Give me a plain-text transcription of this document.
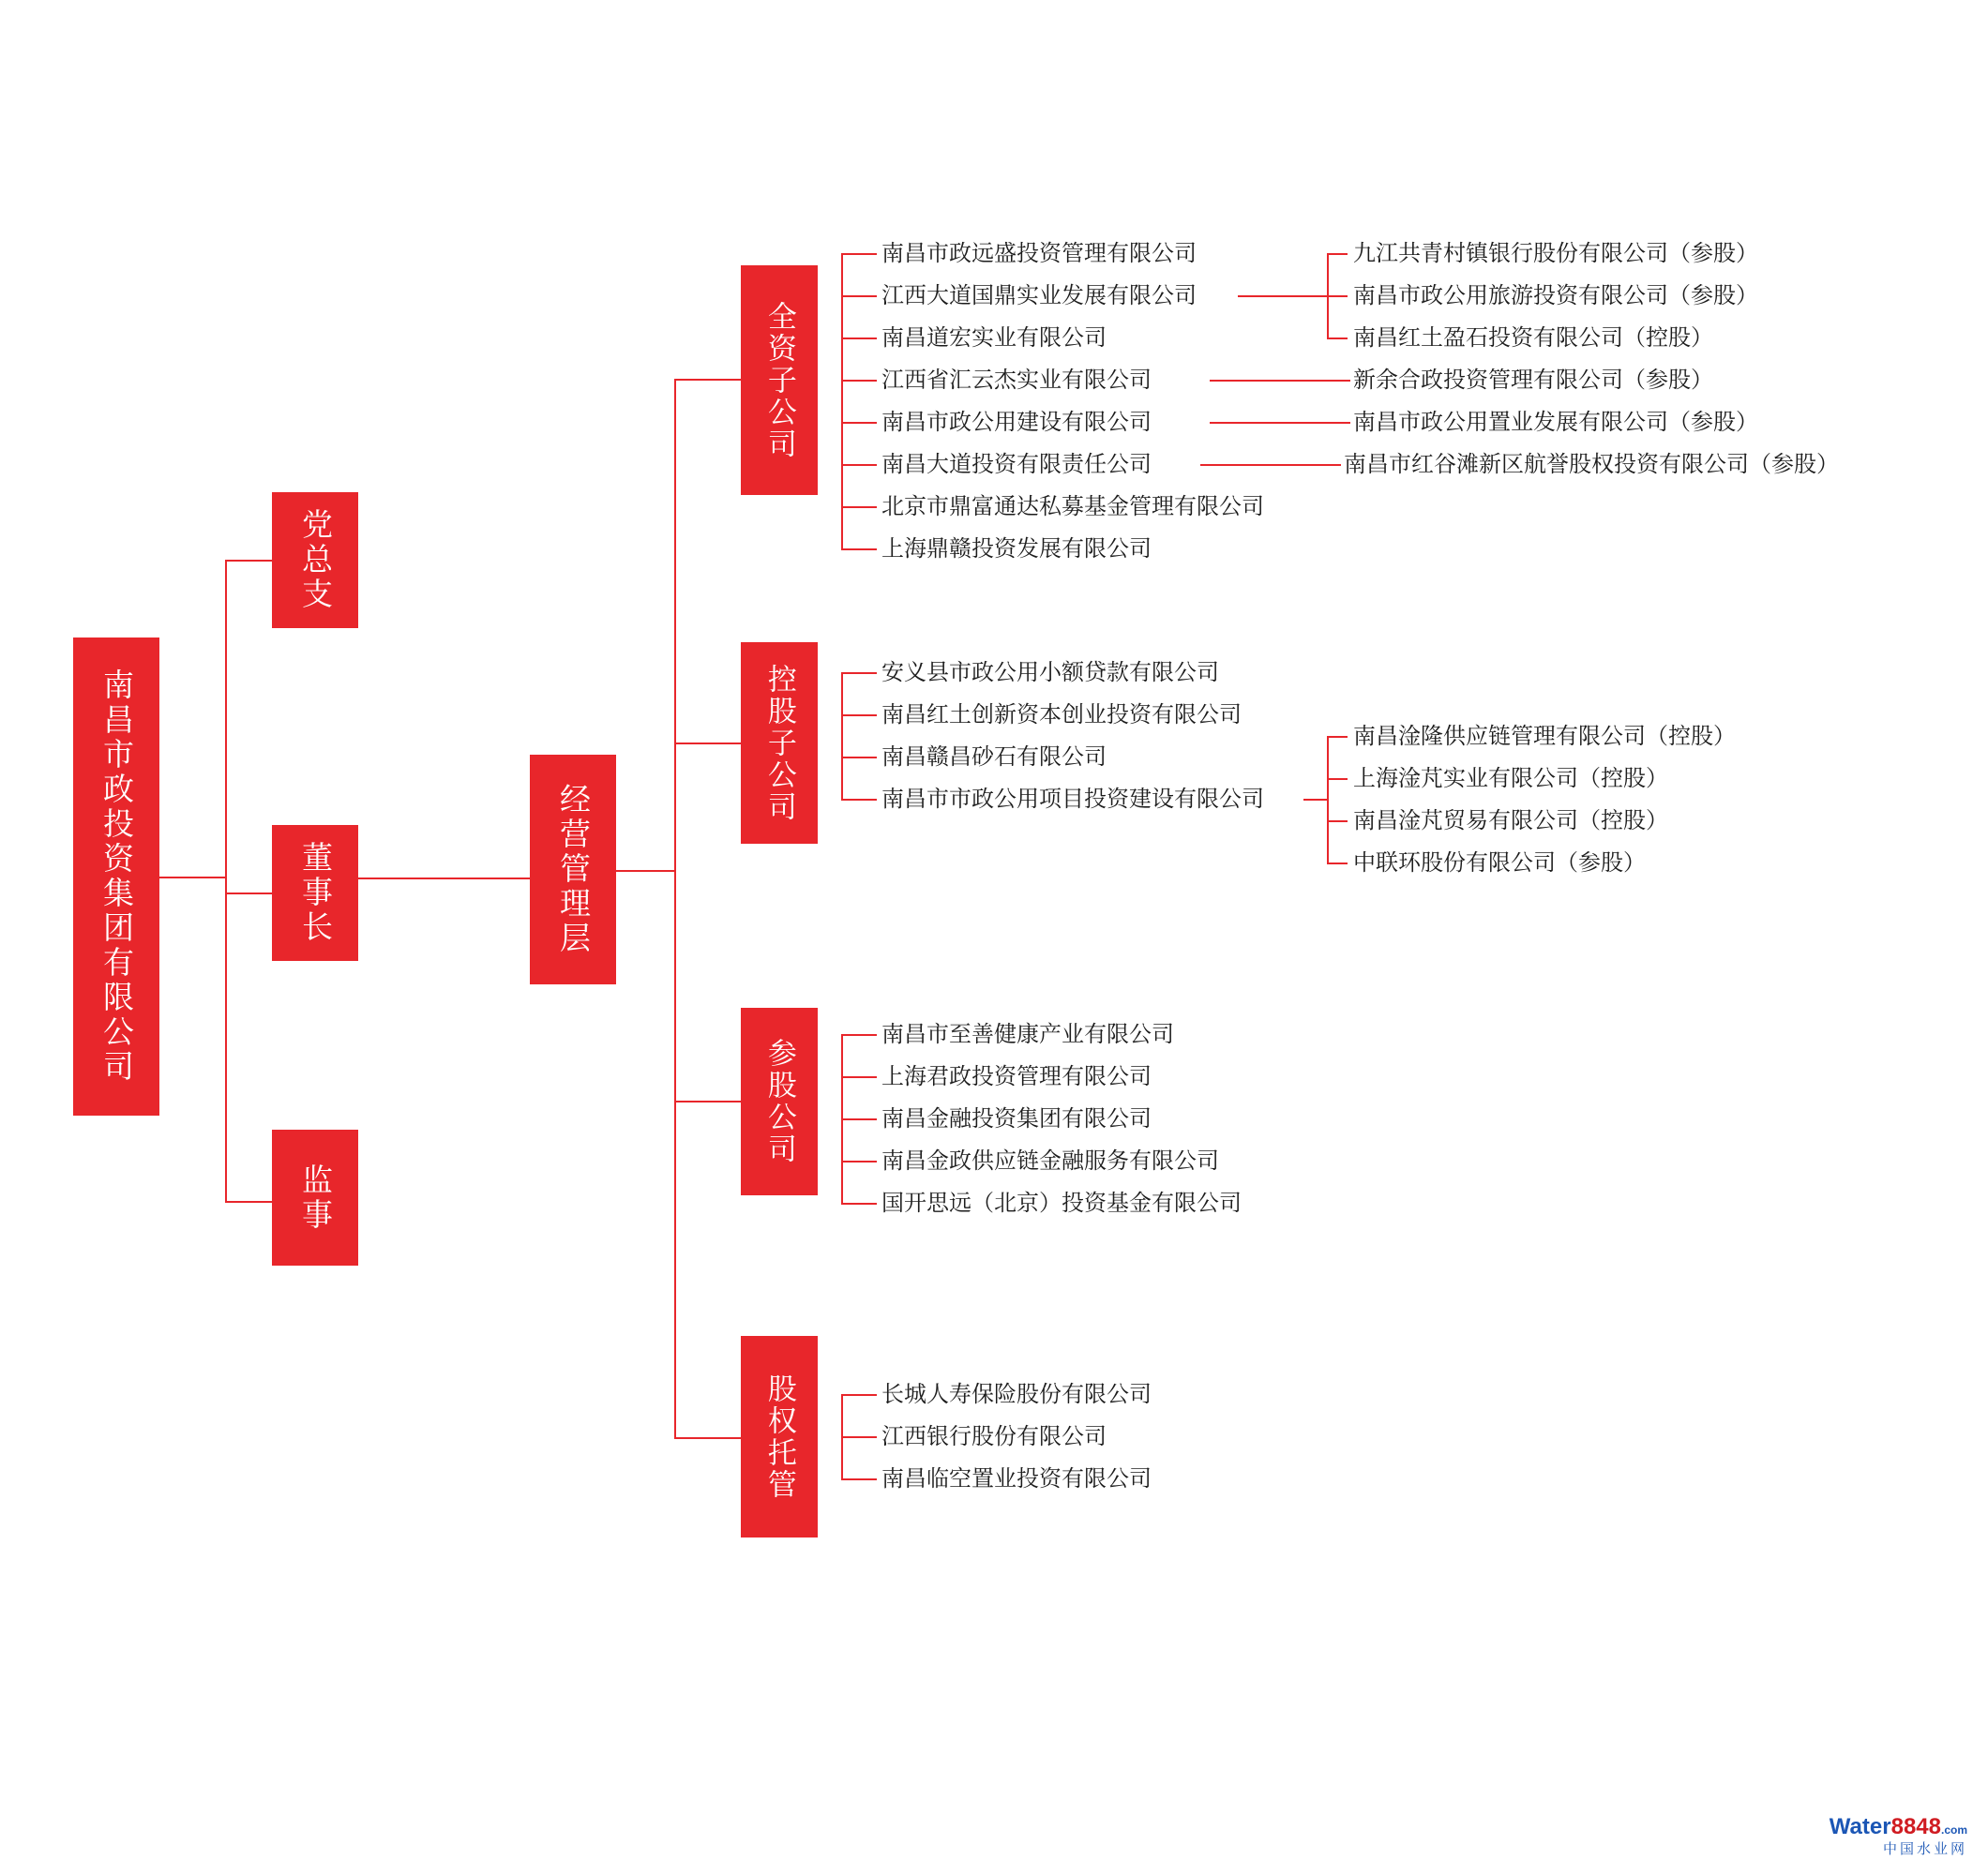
南昌市政投资集团有限公司
党总支
董事长
监事
经营管理层
全资子公司
控股子公司
参股公司
股权托管
南昌市政远盛投资管理有限公司
江西大道国鼎实业发展有限公司
南昌道宏实业有限公司
江西省汇云杰实业有限公司
南昌市政公用建设有限公司
南昌大道投资有限责任公司
北京市鼎富通达私募基金管理有限公司
上海鼎赣投资发展有限公司
九江共青村镇银行股份有限公司（参股）
南昌市政公用旅游投资有限公司（参股）
南昌红土盈石投资有限公司（控股）
新余合政投资管理有限公司（参股）
南昌市政公用置业发展有限公司（参股）
南昌市红谷滩新区航誉股权投资有限公司（参股）
安义县市政公用小额贷款有限公司
南昌红土创新资本创业投资有限公司
南昌赣昌砂石有限公司
南昌市市政公用项目投资建设有限公司
南昌淦隆供应链管理有限公司（控股）
上海淦芃实业有限公司（控股）
南昌淦芃贸易有限公司（控股）
中联环股份有限公司（参股）
南昌市至善健康产业有限公司
上海君政投资管理有限公司
南昌金融投资集团有限公司
南昌金政供应链金融服务有限公司
国开思远（北京）投资基金有限公司
长城人寿保险股份有限公司
江西银行股份有限公司
南昌临空置业投资有限公司
Water8848.com
中国水业网
